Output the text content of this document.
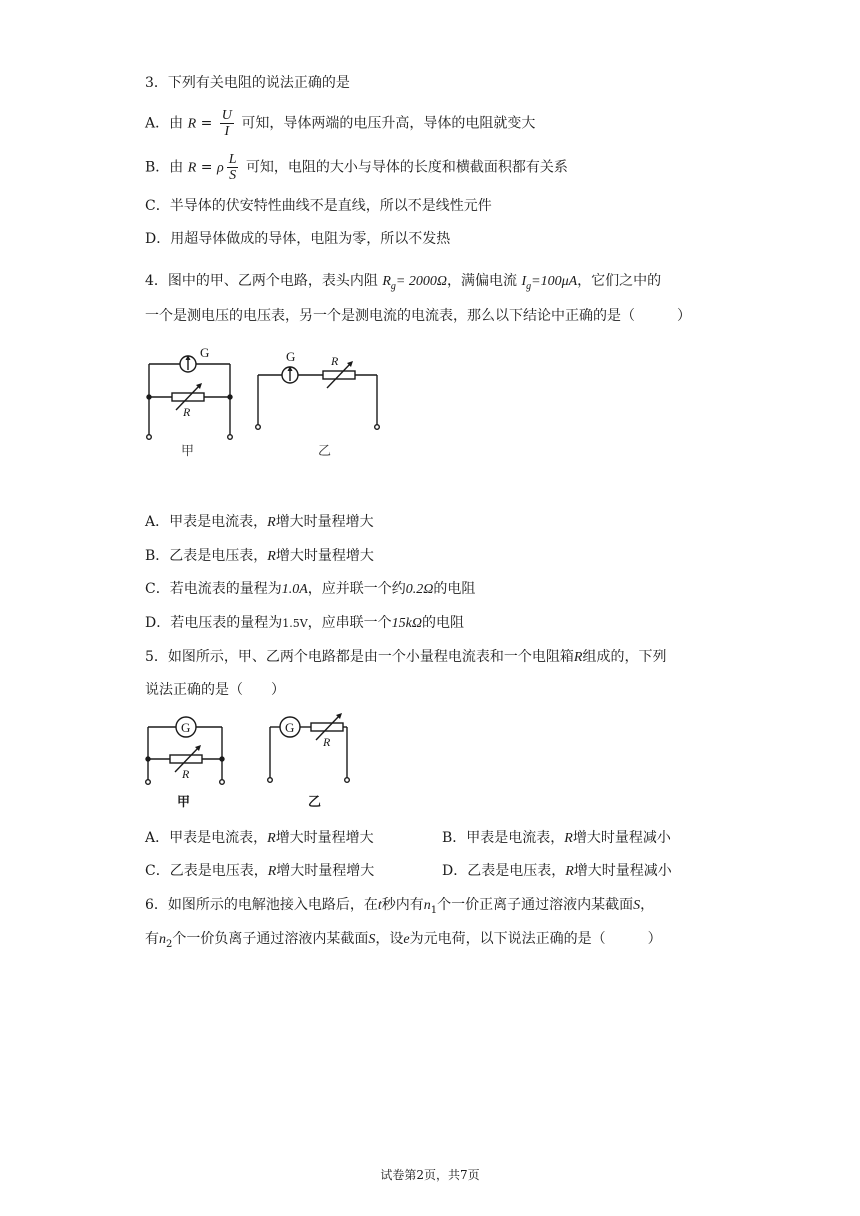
3．下列有关电阻的说法正确的是
A．由 $R = \frac{U}{I}$ 可知，导体两端的电压升高，导体的电阻就变大
B．由 R = ρ $\frac{L}{S}$ 可知，电阻的大小与导体的长度和横截面积都有关系
C．半导体的伏安特性曲线不是直线，所以不是线性元件
D．用超导体做成的导体，电阻为零，所以不发热
4．图中的甲、乙两个电路，表头内阻 $R_g= 2000\Omega$，满偏电流 $I_g=100\mu A$，它们之中的
一个是测电压的电压表，另一个是测电流的电流表，那么以下结论中正确的是（　　　）
G
R
G	R
甲	乙
A．甲表是电流表，R增大时量程增大
B．乙表是电压表，R增大时量程增大
C．若电流表的量程为1.0A，应并联一个约0.2Ω的电阻
D．若电压表的量程为1.5V，应串联一个15kΩ的电阻
5．如图所示，甲、乙两个电路都是由一个小量程电流表和一个电阻箱R组成的，下列
说法正确的是（　　）
G
R
G
R
甲	乙
A．甲表是电流表，R增大时量程增大	B．甲表是电流表，R增大时量程减小
C．乙表是电压表，R增大时量程增大	D．乙表是电压表，R增大时量程减小
6．如图所示的电解池接入电路后，在t秒内有$n_1$个一价正离子通过溶液内某截面S，
有$n_2$个一价负离子通过溶液内某截面S，设e为元电荷，以下说法正确的是（　　　）
试卷第2页，共7页
